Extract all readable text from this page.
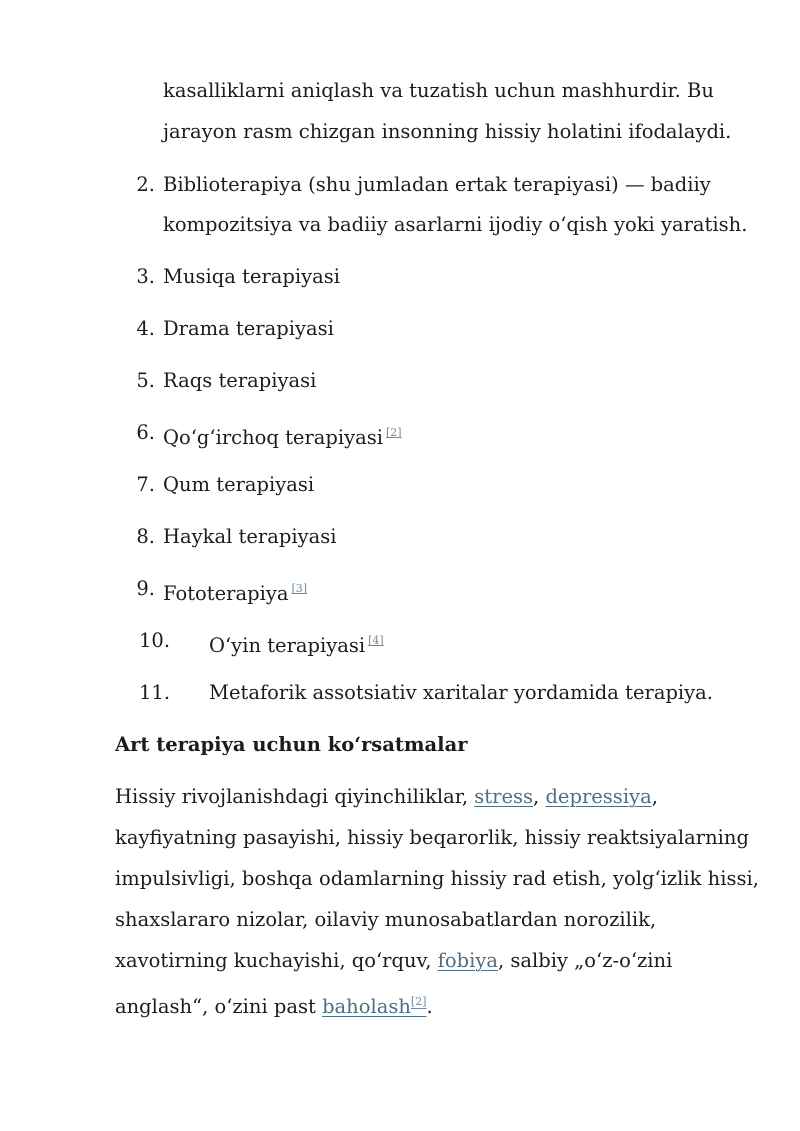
kasalliklarni aniqlash va tuzatish uchun mashhurdir. Bu
jarayon rasm chizgan insonning hissiy holatini ifodalaydi.
2. Biblioterapiya (shu jumladan ertak terapiyasi) — badiiy
kompozitsiya va badiiy asarlarni ijodiy oʻqish yoki yaratish.
3. Musiqa terapiyasi
4. Drama terapiyasi
5. Raqs terapiyasi
6. Qoʻgʻirchoq terapiyasi [2]
7. Qum terapiyasi
8. Haykal terapiyasi
9. Fototerapiya [3]
10. Oʻyin terapiyasi [4]
11. Metaforik assotsiativ xaritalar yordamida terapiya.
Art terapiya uchun koʻrsatmalar
Hissiy rivojlanishdagi qiyinchiliklar, stress, depressiya,
kayfiyatning pasayishi, hissiy beqarorlik, hissiy reaktsiyalarning
impulsivligi, boshqa odamlarning hissiy rad etish, yolgʻizlik hissi,
shaxslararo nizolar, oilaviy munosabatlardan norozilik,
xavotirning kuchayishi, qoʻrquv, fobiya, salbiy „oʻz-oʻzini
anglash“, oʻzini past baholash[2].
